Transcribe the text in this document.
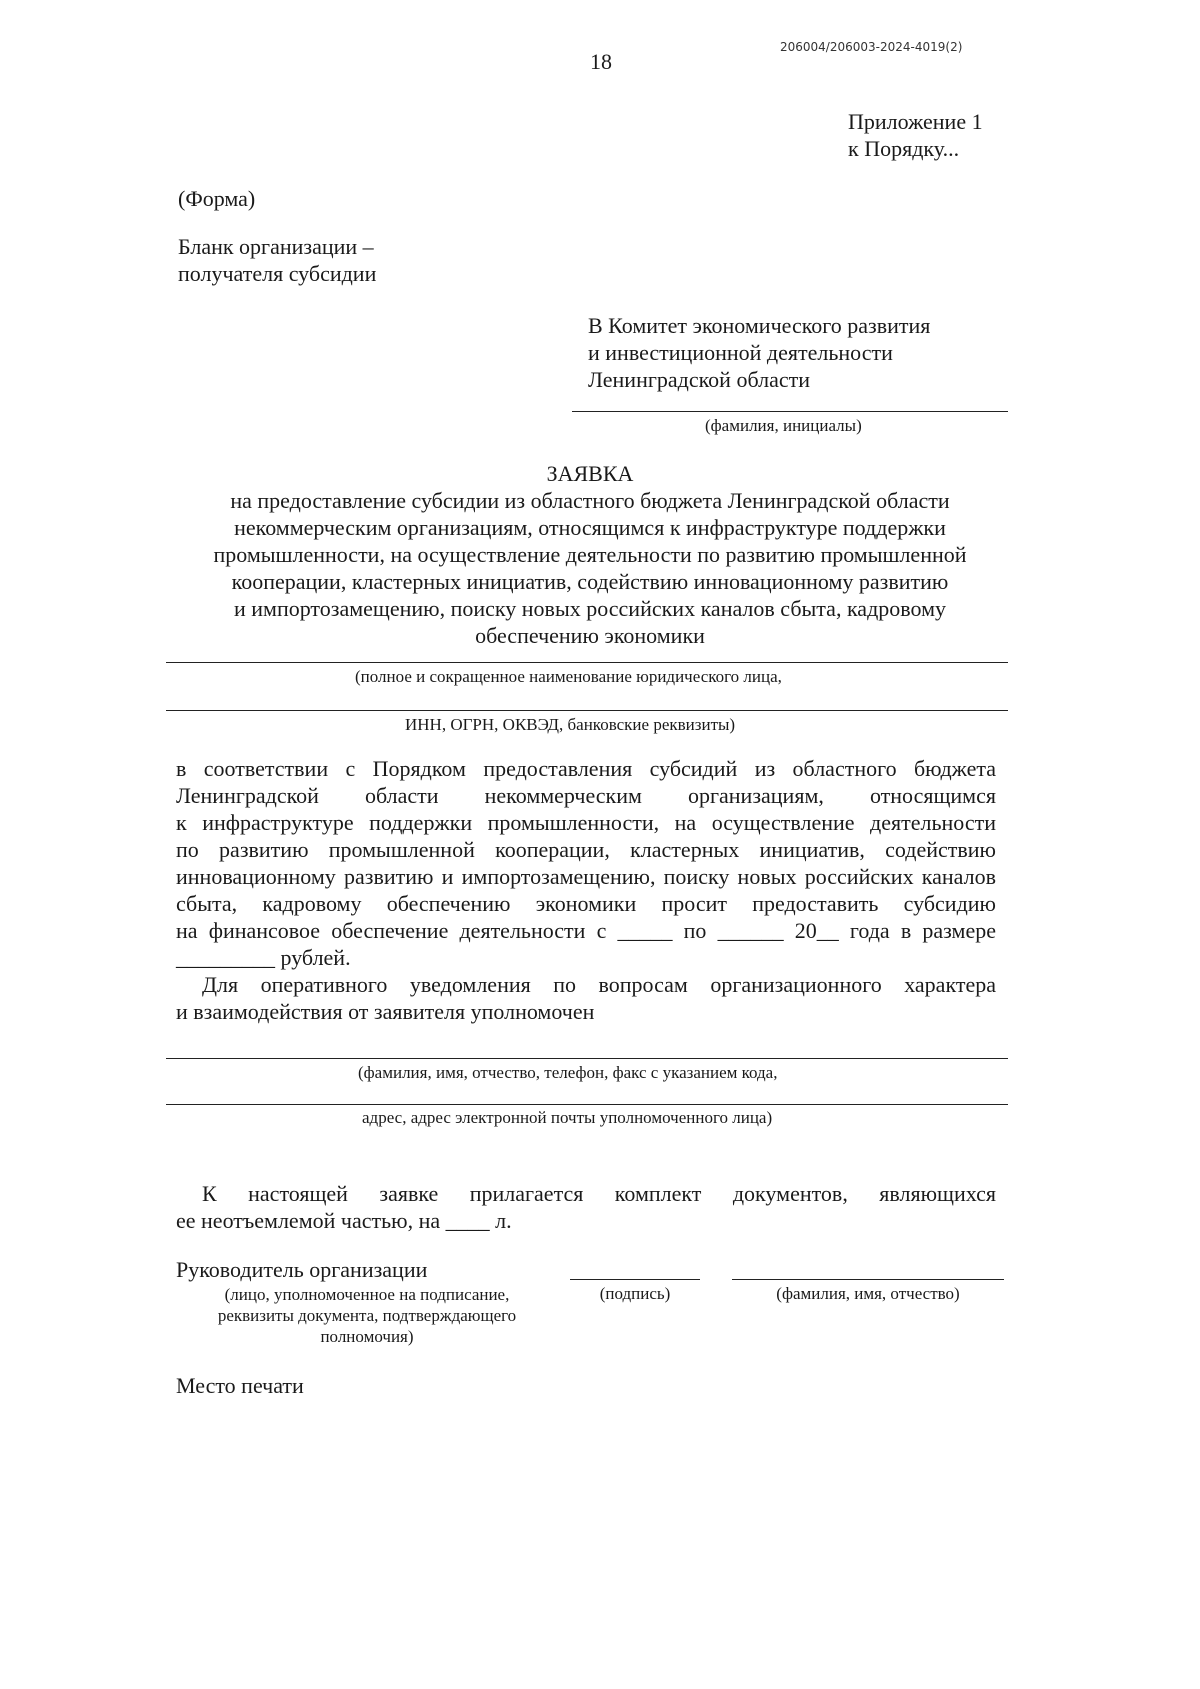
18
206004/206003-2024-4019(2)
Приложение 1
к Порядку...
(Форма)
Бланк организации –
получателя субсидии
В Комитет экономического развития
и инвестиционной деятельности
Ленинградской области
(фамилия, инициалы)
ЗАЯВКА
на предоставление субсидии из областного бюджета Ленинградской области
некоммерческим организациям, относящимся к инфраструктуре поддержки
промышленности, на осуществление деятельности по развитию промышленной
кооперации, кластерных инициатив, содействию инновационному развитию
и импортозамещению, поиску новых российских каналов сбыта, кадровому
обеспечению экономики
(полное и сокращенное наименование юридического лица,
ИНН, ОГРН, ОКВЭД, банковские реквизиты)
в соответствии с Порядком предоставления субсидий из областного бюджета
Ленинградской области некоммерческим организациям, относящимся
к инфраструктуре поддержки промышленности, на осуществление деятельности
по развитию промышленной кооперации, кластерных инициатив, содействию
инновационному развитию и импортозамещению, поиску новых российских каналов
сбыта, кадровому обеспечению экономики просит предоставить субсидию
на финансовое обеспечение деятельности с _____ по ______ 20__ года в размере
_________ рублей.
Для оперативного уведомления по вопросам организационного характера
и взаимодействия от заявителя уполномочен
(фамилия, имя, отчество, телефон, факс с указанием кода,
адрес, адрес электронной почты уполномоченного лица)
К настоящей заявке прилагается комплект документов, являющихся
ее неотъемлемой частью, на ____ л.
Руководитель организации
(лицо, уполномоченное на подписание,
реквизиты документа, подтверждающего
полномочия)
(подпись)	(фамилия, имя, отчество)
Место печати
